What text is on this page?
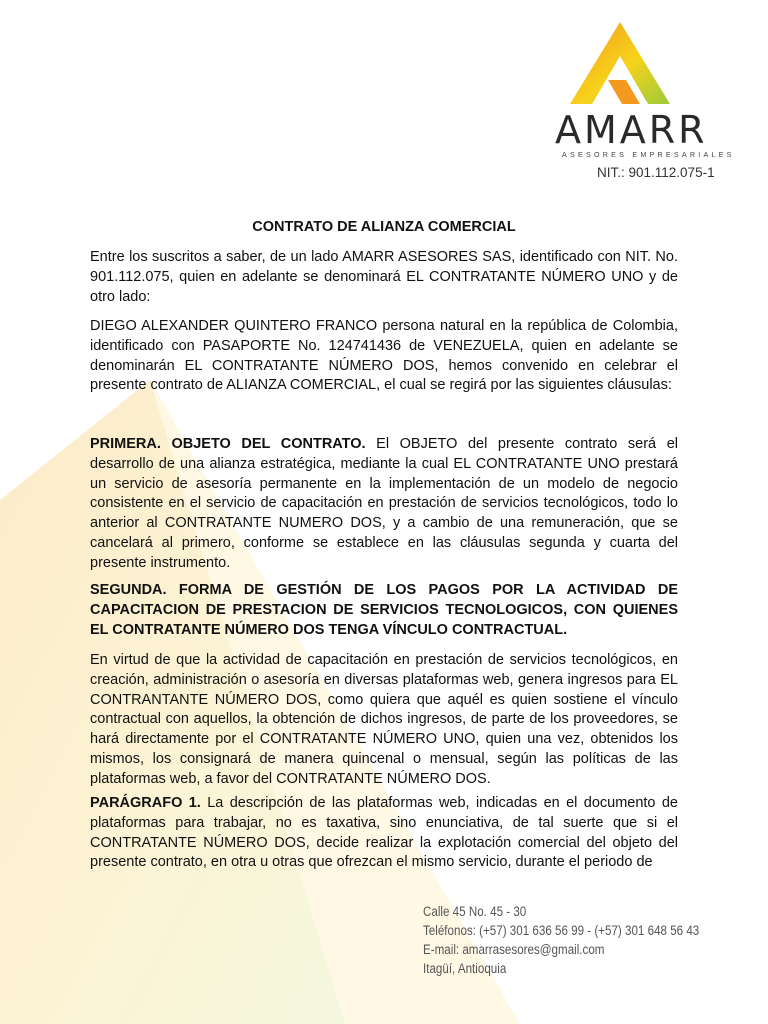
AMARR
ASESORES EMPRESARIALES
NIT.: 901.112.075-1
CONTRATO DE ALIANZA COMERCIAL

Entre los suscritos a saber, de un lado AMARR ASESORES SAS, identificado con NIT. No. 901.112.075, quien en adelante se denominará EL CONTRATANTE NÚMERO UNO y de otro lado:

DIEGO ALEXANDER QUINTERO FRANCO persona natural en la república de Colombia, identificado con PASAPORTE No. 124741436 de VENEZUELA, quien en adelante se denominarán EL CONTRATANTE NÚMERO DOS, hemos convenido en celebrar el presente contrato de ALIANZA COMERCIAL, el cual se regirá por las siguientes cláusulas:

PRIMERA. OBJETO DEL CONTRATO. El OBJETO del presente contrato será el desarrollo de una alianza estratégica, mediante la cual EL CONTRATANTE UNO prestará un servicio de asesoría permanente en la implementación de un modelo de negocio consistente en el servicio de capacitación en prestación de servicios tecnológicos, todo lo anterior al CONTRATANTE NUMERO DOS, y a cambio de una remuneración, que se cancelará al primero, conforme se establece en las cláusulas segunda y cuarta del presente instrumento.

SEGUNDA. FORMA DE GESTIÓN DE LOS PAGOS POR LA ACTIVIDAD DE CAPACITACION DE PRESTACION DE SERVICIOS TECNOLOGICOS, CON QUIENES EL CONTRATANTE NÚMERO DOS TENGA VÍNCULO CONTRACTUAL.

En virtud de que la actividad de capacitación en prestación de servicios tecnológicos, en creación, administración o asesoría en diversas plataformas web, genera ingresos para EL CONTRANTANTE NÚMERO DOS, como quiera que aquél es quien sostiene el vínculo contractual con aquellos, la obtención de dichos ingresos, de parte de los proveedores, se hará directamente por el CONTRATANTE NÚMERO UNO, quien una vez, obtenidos los mismos, los consignará de manera quincenal o mensual, según las políticas de las plataformas web, a favor del CONTRATANTE NÚMERO DOS.

PARÁGRAFO 1. La descripción de las plataformas web, indicadas en el documento de plataformas para trabajar, no es taxativa, sino enunciativa, de tal suerte que si el CONTRATANTE NÚMERO DOS, decide realizar la explotación comercial del objeto del presente contrato, en otra u otras que ofrezcan el mismo servicio, durante el periodo de

Calle 45 No. 45 - 30
Teléfonos: (+57) 301 636 56 99 - (+57) 301 648 56 43
E-mail: amarrasesores@gmail.com
Itagüí, Antioquia
